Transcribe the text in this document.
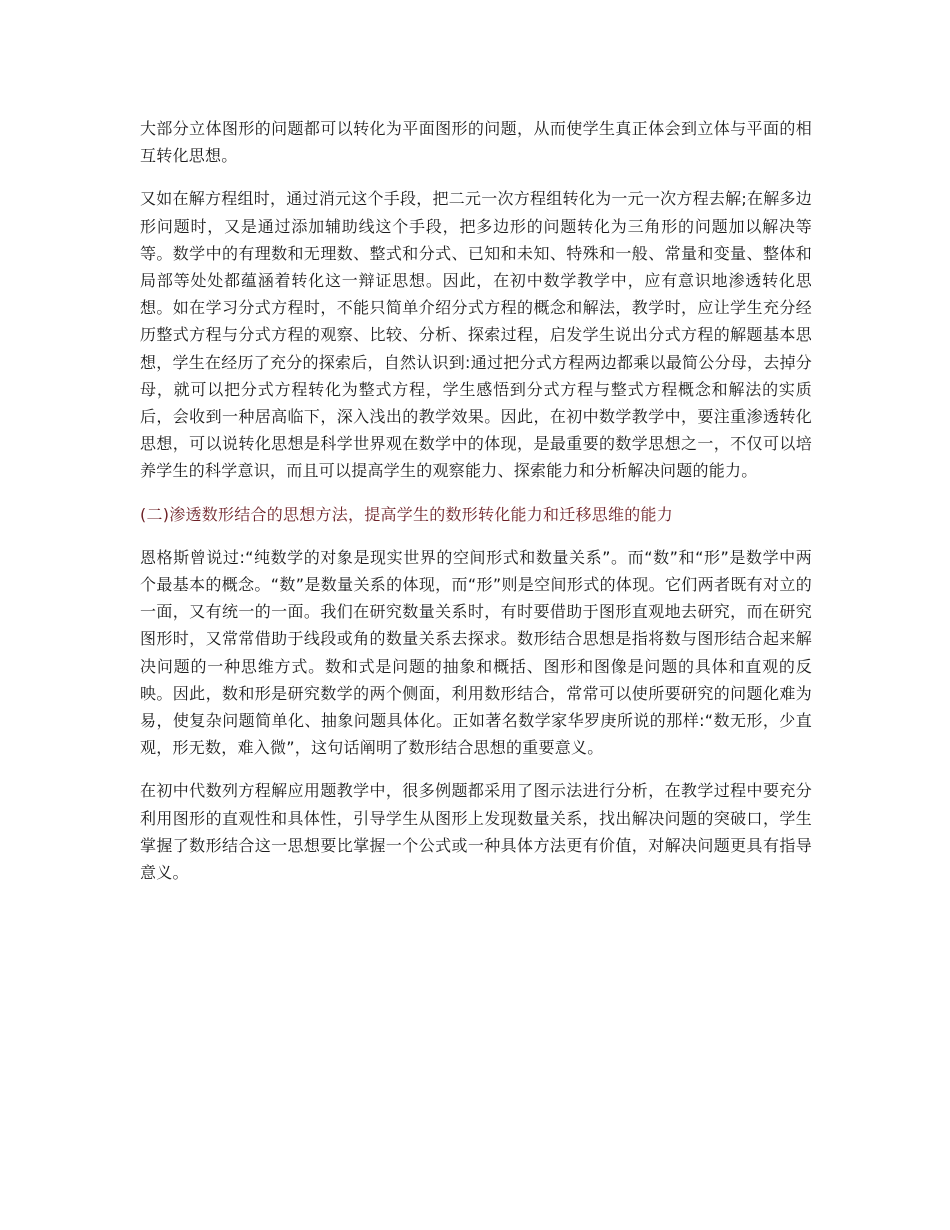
大部分立体图形的问题都可以转化为平面图形的问题，从而使学生真正体会到立体与平面的相互转化思想。

又如在解方程组时，通过消元这个手段，把二元一次方程组转化为一元一次方程去解;在解多边形问题时，又是通过添加辅助线这个手段，把多边形的问题转化为三角形的问题加以解决等等。数学中的有理数和无理数、整式和分式、已知和未知、特殊和一般、常量和变量、整体和局部等处处都蕴涵着转化这一辩证思想。因此，在初中数学教学中，应有意识地渗透转化思想。如在学习分式方程时，不能只简单介绍分式方程的概念和解法，教学时，应让学生充分经历整式方程与分式方程的观察、比较、分析、探索过程，启发学生说出分式方程的解题基本思想，学生在经历了充分的探索后，自然认识到:通过把分式方程两边都乘以最简公分母，去掉分母，就可以把分式方程转化为整式方程，学生感悟到分式方程与整式方程概念和解法的实质后，会收到一种居高临下，深入浅出的教学效果。因此，在初中数学教学中，要注重渗透转化思想，可以说转化思想是科学世界观在数学中的体现，是最重要的数学思想之一，不仅可以培养学生的科学意识，而且可以提高学生的观察能力、探索能力和分析解决问题的能力。

(二)渗透数形结合的思想方法，提高学生的数形转化能力和迁移思维的能力

恩格斯曾说过:“纯数学的对象是现实世界的空间形式和数量关系”。而“数”和“形”是数学中两个最基本的概念。“数”是数量关系的体现，而“形”则是空间形式的体现。它们两者既有对立的一面，又有统一的一面。我们在研究数量关系时，有时要借助于图形直观地去研究，而在研究图形时，又常常借助于线段或角的数量关系去探求。数形结合思想是指将数与图形结合起来解决问题的一种思维方式。数和式是问题的抽象和概括、图形和图像是问题的具体和直观的反映。因此，数和形是研究数学的两个侧面，利用数形结合，常常可以使所要研究的问题化难为易，使复杂问题简单化、抽象问题具体化。正如著名数学家华罗庚所说的那样:“数无形，少直观，形无数，难入微”，这句话阐明了数形结合思想的重要意义。

在初中代数列方程解应用题教学中，很多例题都采用了图示法进行分析，在教学过程中要充分利用图形的直观性和具体性，引导学生从图形上发现数量关系，找出解决问题的突破口，学生掌握了数形结合这一思想要比掌握一个公式或一种具体方法更有价值，对解决问题更具有指导意义。
